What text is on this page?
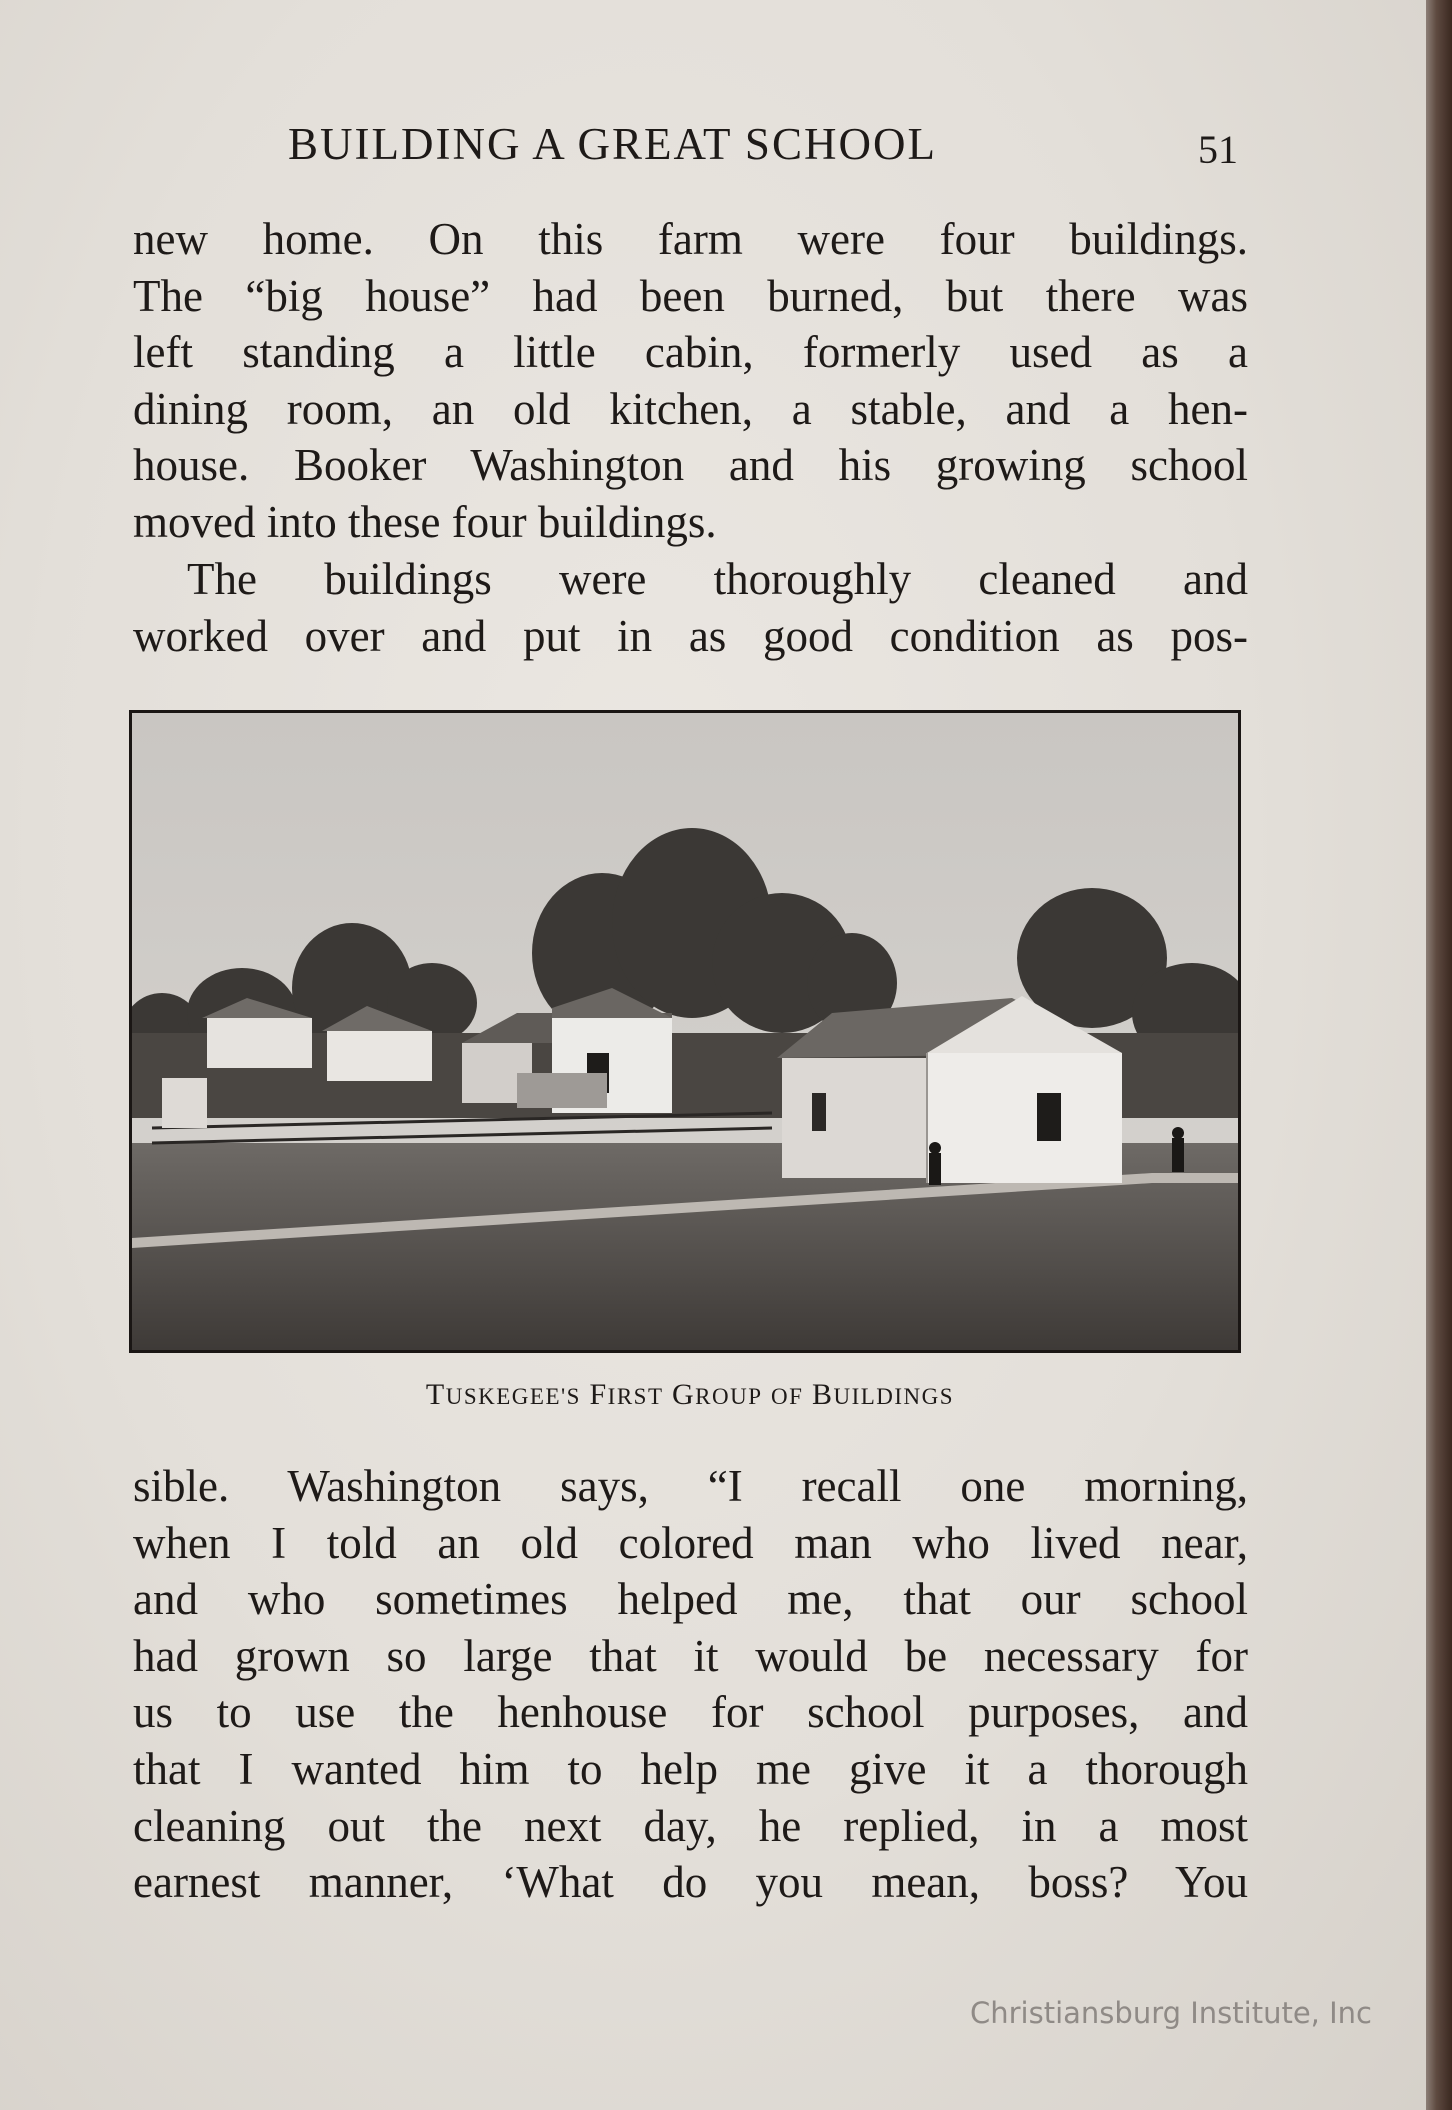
BUILDING A GREAT SCHOOL	51
new home. On this farm were four buildings.
The “big house” had been burned, but there was
left standing a little cabin, formerly used as a
dining room, an old kitchen, a stable, and a hen-
house. Booker Washington and his growing school
moved into these four buildings.
The buildings were thoroughly cleaned and
worked over and put in as good condition as pos-
TUSKEGEE'S FIRST GROUP OF BUILDINGS
sible. Washington says, “I recall one morning,
when I told an old colored man who lived near,
and who sometimes helped me, that our school
had grown so large that it would be necessary for
us to use the henhouse for school purposes, and
that I wanted him to help me give it a thorough
cleaning out the next day, he replied, in a most
earnest manner, ‘What do you mean, boss? You
Christiansburg Institute, Inc
